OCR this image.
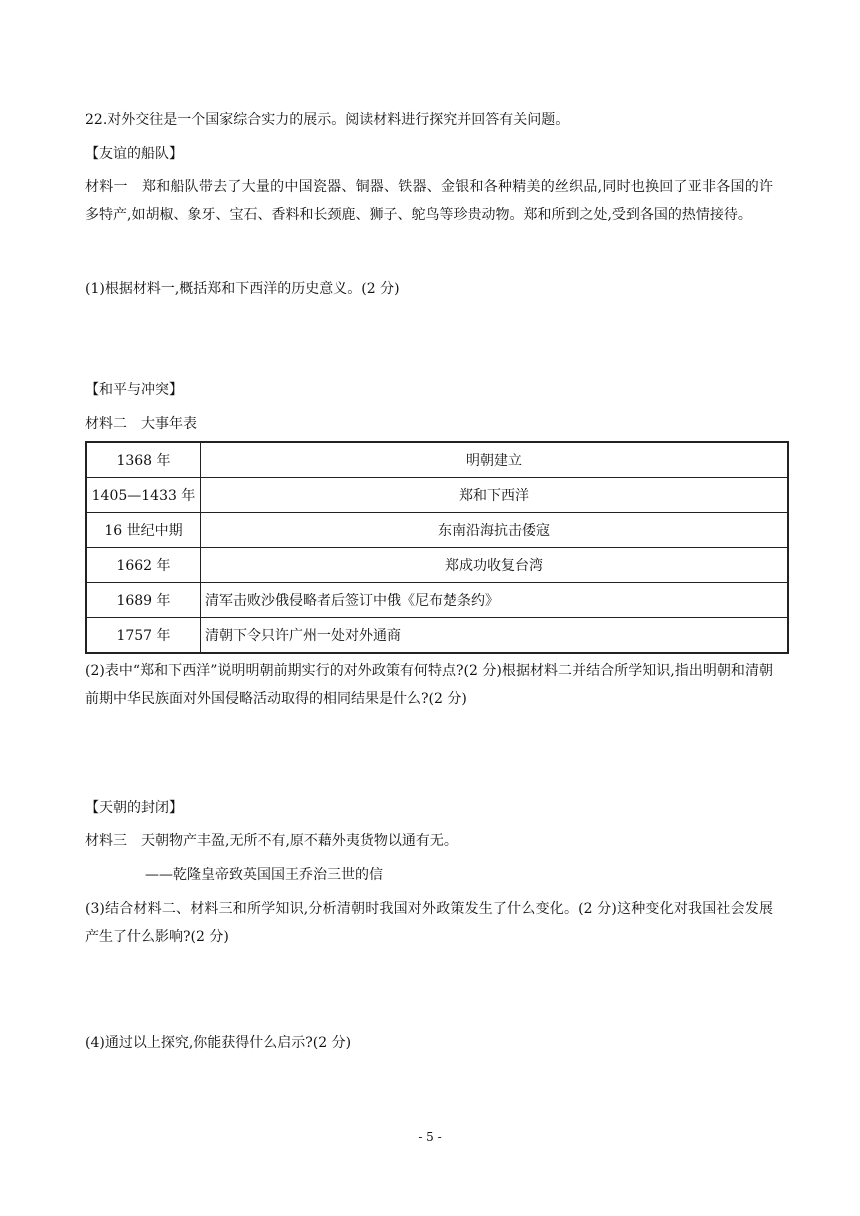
22.对外交往是一个国家综合实力的展示。阅读材料进行探究并回答有关问题。
【友谊的船队】
材料一　郑和船队带去了大量的中国瓷器、铜器、铁器、金银和各种精美的丝织品,同时也换回了亚非各国的许多特产,如胡椒、象牙、宝石、香料和长颈鹿、狮子、鸵鸟等珍贵动物。郑和所到之处,受到各国的热情接待。
(1)根据材料一,概括郑和下西洋的历史意义。(2 分)
【和平与冲突】
材料二　大事年表
1368 年	明朝建立
1405—1433 年	郑和下西洋
16 世纪中期	东南沿海抗击倭寇
1662 年	郑成功收复台湾
1689 年	清军击败沙俄侵略者后签订中俄《尼布楚条约》
1757 年	清朝下令只许广州一处对外通商
(2)表中“郑和下西洋”说明明朝前期实行的对外政策有何特点?(2 分)根据材料二并结合所学知识,指出明朝和清朝前期中华民族面对外国侵略活动取得的相同结果是什么?(2 分)
【天朝的封闭】
材料三　天朝物产丰盈,无所不有,原不藉外夷货物以通有无。
——乾隆皇帝致英国国王乔治三世的信
(3)结合材料二、材料三和所学知识,分析清朝时我国对外政策发生了什么变化。(2 分)这种变化对我国社会发展产生了什么影响?(2 分)
(4)通过以上探究,你能获得什么启示?(2 分)
- 5 -
